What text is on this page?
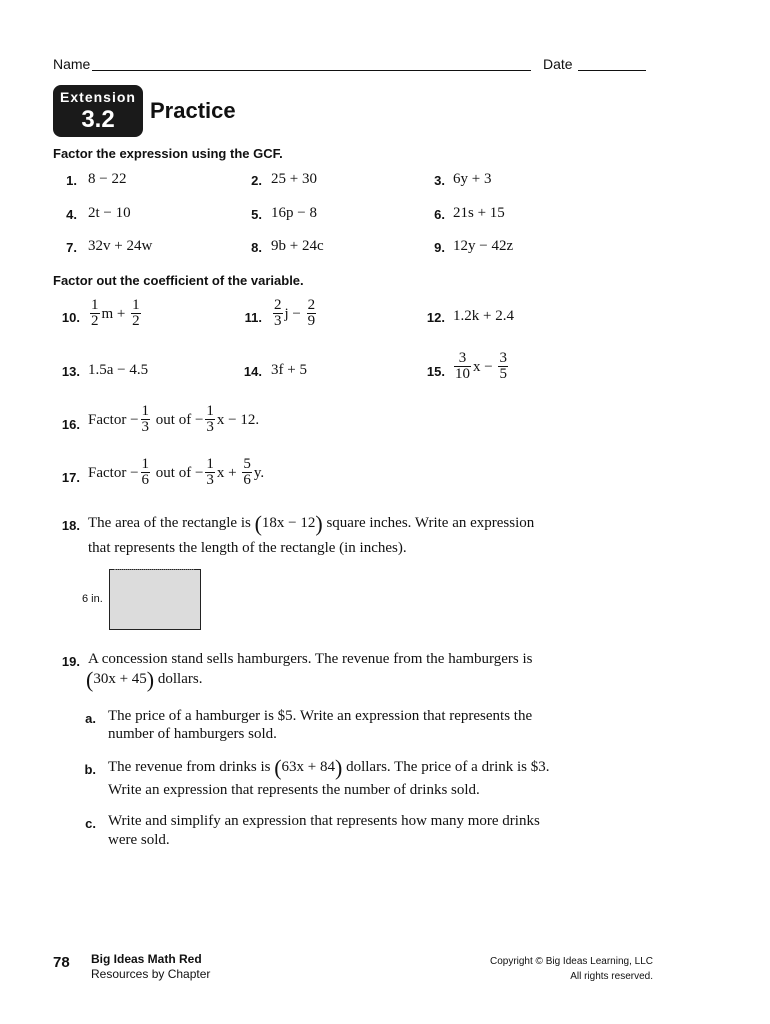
Name	Date
Extension
3.2	Practice
Factor the expression using the GCF.
1. 8 − 22	2. 25 + 30	3. 6y + 3
4. 2t − 10	5. 16p − 8	6. 21s + 15
7. 32v + 24w	8. 9b + 24c	9. 12y − 42z
Factor out the coefficient of the variable.
10. $\frac{1}{2}$ $m + \frac{1}{2}$	11. $\frac{2}{3}$ $j - \frac{2}{9}$	12. 1.2k + 2.4
13. 1.5a − 4.5	14. 3f + 5	15. $\frac{3}{10}$ $x - \frac{3}{5}$
16. Factor − $\frac{1}{3}$ out of − $\frac{1}{3}$ x − 12.
17. Factor − $\frac{1}{6}$ out of − $\frac{1}{3}$ $x + \frac{5}{6} y$.
18. The area of the rectangle is (18x − 12) square inches. Write an expression
that represents the length of the rectangle (in inches).
6 in.
19. A concession stand sells hamburgers. The revenue from the hamburgers is
(30x + 45) dollars.
a. The price of a hamburger is $5. Write an expression that represents the
number of hamburgers sold.
b. The revenue from drinks is (63x + 84) dollars. The price of a drink is $3.
Write an expression that represents the number of drinks sold.
c. Write and simplify an expression that represents how many more drinks
were sold.
78 Big Ideas Math Red
Resources by Chapter
Copyright © Big Ideas Learning, LLC
All rights reserved.
